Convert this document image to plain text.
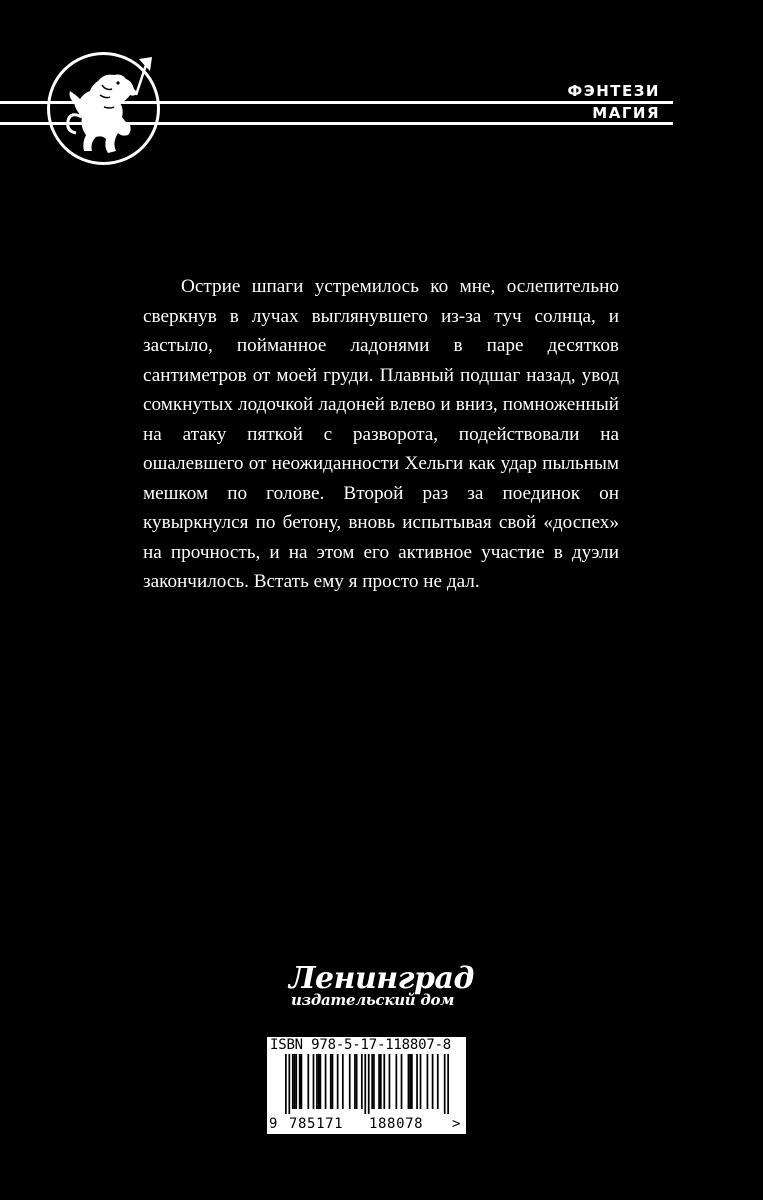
ФЭНТЕЗИ
МАГИЯ

Острие шпаги устремилось ко мне, ослепительно сверкнув в лучах выглянувшего из-за туч солнца, и застыло, пойманное ладонями в паре десятков сантиметров от моей груди. Плавный подшаг назад, увод сомкнутых лодочкой ладоней влево и вниз, помноженный на атаку пяткой с разворота, подействовали на ошалевшего от неожиданности Хельги как удар пыльным мешком по голове. Второй раз за поединок он кувыркнулся по бетону, вновь испытывая свой «доспех» на прочность, и на этом его активное участие в дуэли закончилось. Встать ему я просто не дал.

Ленинград
издательский дом
ISBN 978-5-17-118807-8
9 785171 188078 >
